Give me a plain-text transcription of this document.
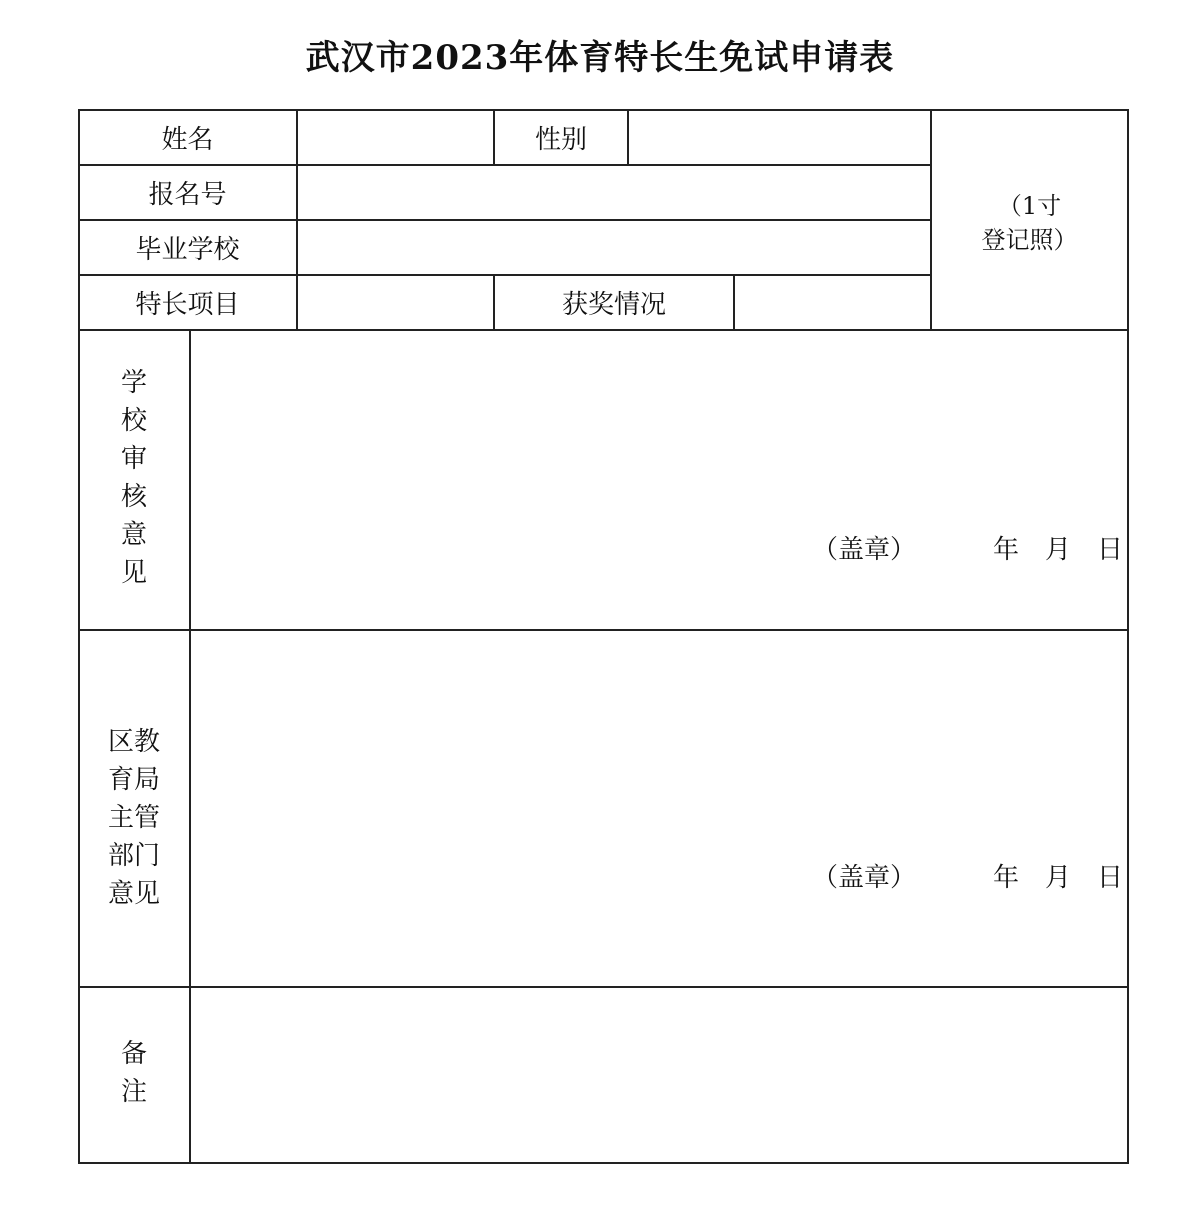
武汉市2023年体育特长生免试申请表
姓名	性别
报名号
毕业学校
特长项目	获奖情况
（1寸
登记照）
学
校
审
核
意
见
（盖章）	年　月　日
区教
育局
主管
部门
意见
（盖章）	年　月　日
备
注
